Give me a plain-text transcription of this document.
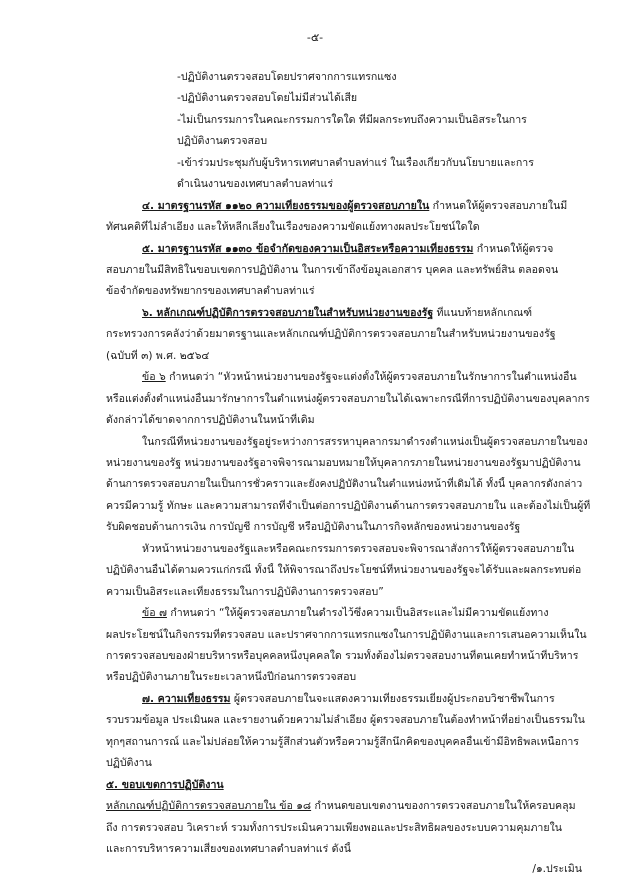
-๕-
-ปฏิบัติงานตรวจสอบโดยปราศจากการแทรกแซง
-ปฏิบัติงานตรวจสอบโดยไม่มีส่วนได้เสีย
-ไม่เป็นกรรมการในคณะกรรมการใดใด ที่มีผลกระทบถึงความเป็นอิสระในการ
ปฏิบัติงานตรวจสอบ
-เข้าร่วมประชุมกับผู้บริหารเทศบาลตำบลท่าแร่ ในเรื่องเกี่ยวกับนโยบายและการ
ดำเนินงานของเทศบาลตำบลท่าแร่
๔. มาตรฐานรหัส ๑๑๒๐ ความเที่ยงธรรมของผู้ตรวจสอบภายใน กำหนดให้ผู้ตรวจสอบภายในมี
ทัศนคติที่ไม่ลำเอียง และให้หลีกเลี่ยงในเรื่องของความขัดแย้งทางผลประโยชน์ใดใด
๕. มาตรฐานรหัส ๑๑๓๐ ข้อจำกัดของความเป็นอิสระหรือความเที่ยงธรรม กำหนดให้ผู้ตรวจ
สอบภายในมีสิทธิในขอบเขตการปฏิบัติงาน ในการเข้าถึงข้อมูลเอกสาร บุคคล และทรัพย์สิน ตลอดจน
ข้อจำกัดของทรัพยากรของเทศบาลตำบลท่าแร่
๖. หลักเกณฑ์ปฏิบัติการตรวจสอบภายในสำหรับหน่วยงานของรัฐ ที่แนบท้ายหลักเกณฑ์
กระทรวงการคลังว่าด้วยมาตรฐานและหลักเกณฑ์ปฏิบัติการตรวจสอบภายในสำหรับหน่วยงานของรัฐ
(ฉบับที่ ๓) พ.ศ. ๒๕๖๔
ข้อ ๖ กำหนดว่า “หัวหน้าหน่วยงานของรัฐจะแต่งตั้งให้ผู้ตรวจสอบภายในรักษาการในตำแหน่งอื่น
หรือแต่งตั้งตำแหน่งอื่นมารักษาการในตำแหน่งผู้ตรวจสอบภายในได้เฉพาะกรณีที่การปฏิบัติงานของบุคลากร
ดังกล่าวได้ขาดจากการปฏิบัติงานในหน้าที่เดิม
ในกรณีที่หน่วยงานของรัฐอยู่ระหว่างการสรรหาบุคลากรมาดำรงตำแหน่งเป็นผู้ตรวจสอบภายในของ
หน่วยงานของรัฐ หน่วยงานของรัฐอาจพิจารณามอบหมายให้บุคลากรภายในหน่วยงานของรัฐมาปฏิบัติงาน
ด้านการตรวจสอบภายในเป็นการชั่วคราวและยังคงปฏิบัติงานในตำแหน่งหน้าที่เดิมได้ ทั้งนี้ บุคลากรดังกล่าว
ควรมีความรู้ ทักษะ และความสามารถที่จำเป็นต่อการปฏิบัติงานด้านการตรวจสอบภายใน และต้องไม่เป็นผู้ที่
รับผิดชอบด้านการเงิน การบัญชี การบัญชี หรือปฏิบัติงานในภารกิจหลักของหน่วยงานของรัฐ
หัวหน้าหน่วยงานของรัฐและหรือคณะกรรมการตรวจสอบจะพิจารณาสั่งการให้ผู้ตรวจสอบภายใน
ปฏิบัติงานอื่นได้ตามควรแก่กรณี ทั้งนี้ ให้พิจารณาถึงประโยชน์ที่หน่วยงานของรัฐจะได้รับและผลกระทบต่อ
ความเป็นอิสระและเที่ยงธรรมในการปฏิบัติงานการตรวจสอบ”
ข้อ ๗ กำหนดว่า “ให้ผู้ตรวจสอบภายในดำรงไว้ซึ่งความเป็นอิสระและไม่มีความขัดแย้งทาง
ผลประโยชน์ในกิจกรรมที่ตรวจสอบ และปราศจากการแทรกแซงในการปฏิบัติงานและการเสนอความเห็นใน
การตรวจสอบของฝ่ายบริหารหรือบุคคลหนึ่งบุคคลใด รวมทั้งต้องไม่ตรวจสอบงานที่ตนเคยทำหน้าที่บริหาร
หรือปฏิบัติงานภายในระยะเวลาหนึ่งปีก่อนการตรวจสอบ
๗. ความเที่ยงธรรม ผู้ตรวจสอบภายในจะแสดงความเที่ยงธรรมเยี่ยงผู้ประกอบวิชาชีพในการ
รวบรวมข้อมูล ประเมินผล และรายงานด้วยความไม่ลำเอียง ผู้ตรวจสอบภายในต้องทำหน้าที่อย่างเป็นธรรมใน
ทุกๆสถานการณ์ และไม่ปล่อยให้ความรู้สึกส่วนตัวหรือความรู้สึกนึกคิดของบุคคลอื่นเข้ามีอิทธิพลเหนือการ
ปฏิบัติงาน
๕. ขอบเขตการปฏิบัติงาน
หลักเกณฑ์ปฏิบัติการตรวจสอบภายใน ข้อ ๑๘ กำหนดขอบเขตงานของการตรวจสอบภายในให้ครอบคลุม
ถึง การตรวจสอบ วิเคราะห์ รวมทั้งการประเมินความเพียงพอและประสิทธิผลของระบบความคุมภายใน
และการบริหารความเสี่ยงของเทศบาลตำบลท่าแร่ ดังนี้
/๑.ประเมิน
